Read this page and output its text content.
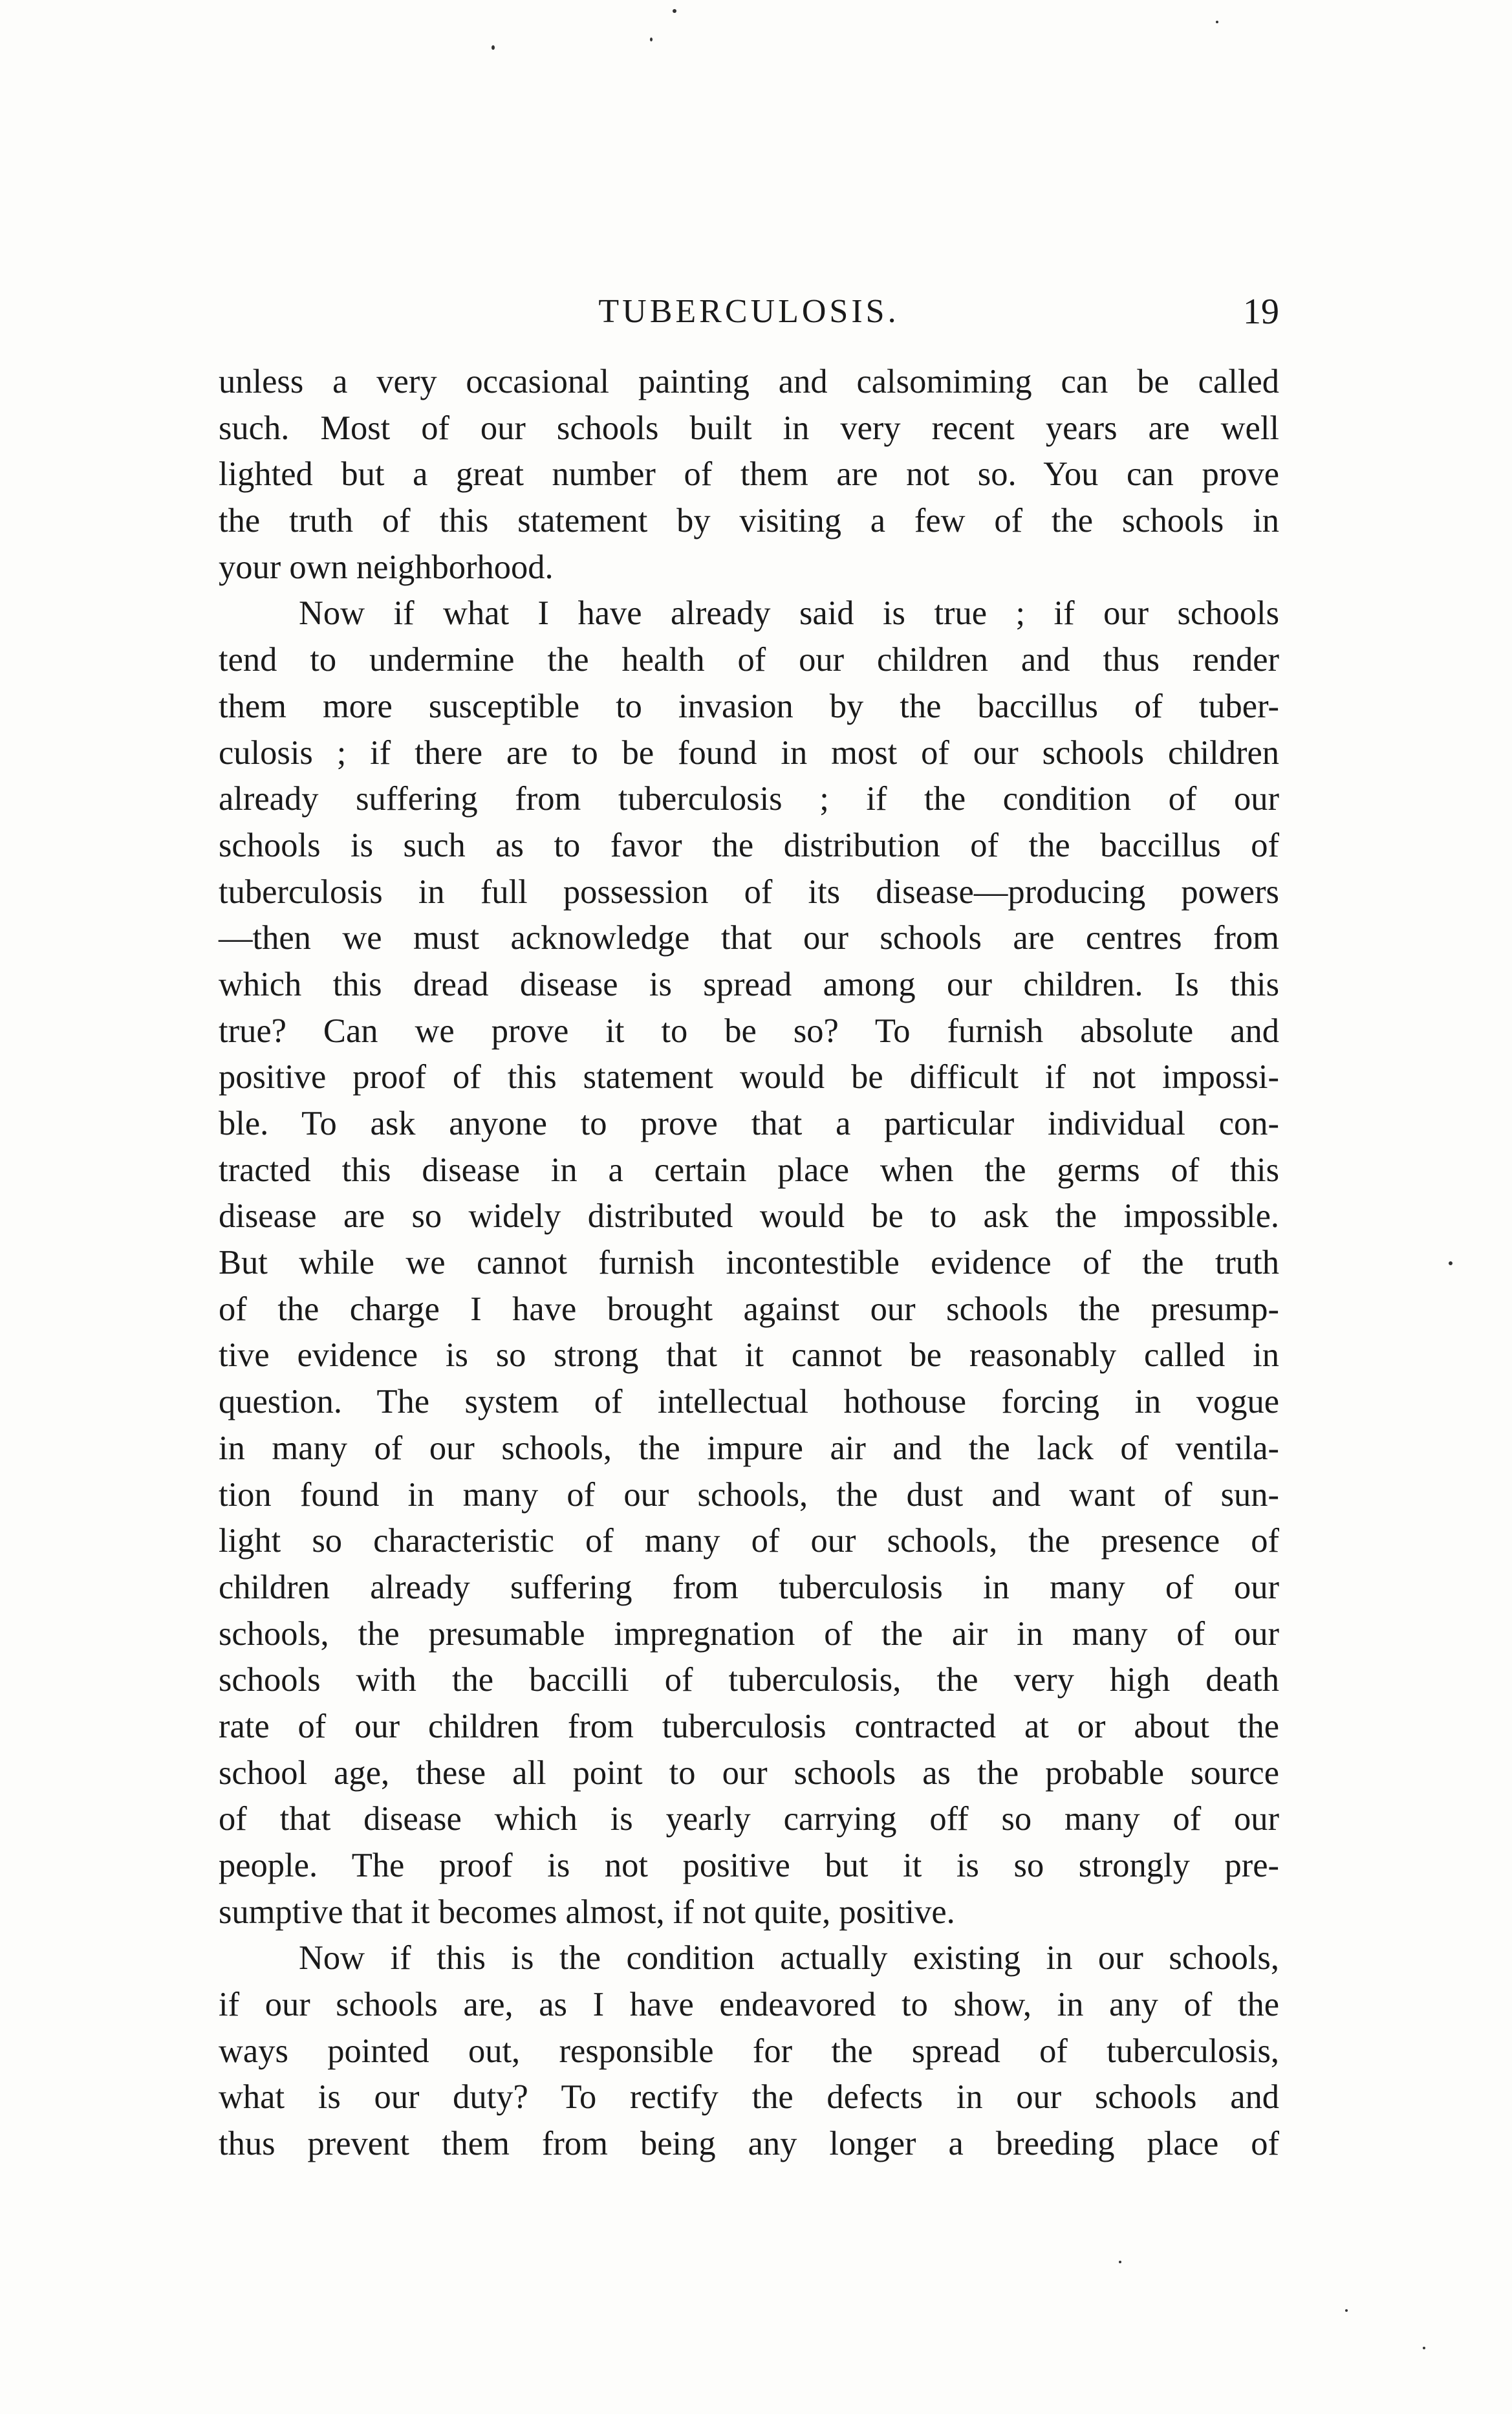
TUBERCULOSIS.	19
unless a very occasional painting and calsomiming can be called
such. Most of our schools built in very recent years are well
lighted but a great number of them are not so. You can prove
the truth of this statement by visiting a few of the schools in
your own neighborhood.
Now if what I have already said is true ; if our schools
tend to undermine the health of our children and thus render
them more susceptible to invasion by the baccillus of tuber-
culosis ; if there are to be found in most of our schools children
already suffering from tuberculosis ; if the condition of our
schools is such as to favor the distribution of the baccillus of
tuberculosis in full possession of its disease—producing powers
—then we must acknowledge that our schools are centres from
which this dread disease is spread among our children. Is this
true? Can we prove it to be so? To furnish absolute and
positive proof of this statement would be difficult if not impossi-
ble. To ask anyone to prove that a particular individual con-
tracted this disease in a certain place when the germs of this
disease are so widely distributed would be to ask the impossible.
But while we cannot furnish incontestible evidence of the truth
of the charge I have brought against our schools the presump-
tive evidence is so strong that it cannot be reasonably called in
question. The system of intellectual hothouse forcing in vogue
in many of our schools, the impure air and the lack of ventila-
tion found in many of our schools, the dust and want of sun-
light so characteristic of many of our schools, the presence of
children already suffering from tuberculosis in many of our
schools, the presumable impregnation of the air in many of our
schools with the baccilli of tuberculosis, the very high death
rate of our children from tuberculosis contracted at or about the
school age, these all point to our schools as the probable source
of that disease which is yearly carrying off so many of our
people. The proof is not positive but it is so strongly pre-
sumptive that it becomes almost, if not quite, positive.
Now if this is the condition actually existing in our schools,
if our schools are, as I have endeavored to show, in any of the
ways pointed out, responsible for the spread of tuberculosis,
what is our duty? To rectify the defects in our schools and
thus prevent them from being any longer a breeding place of
